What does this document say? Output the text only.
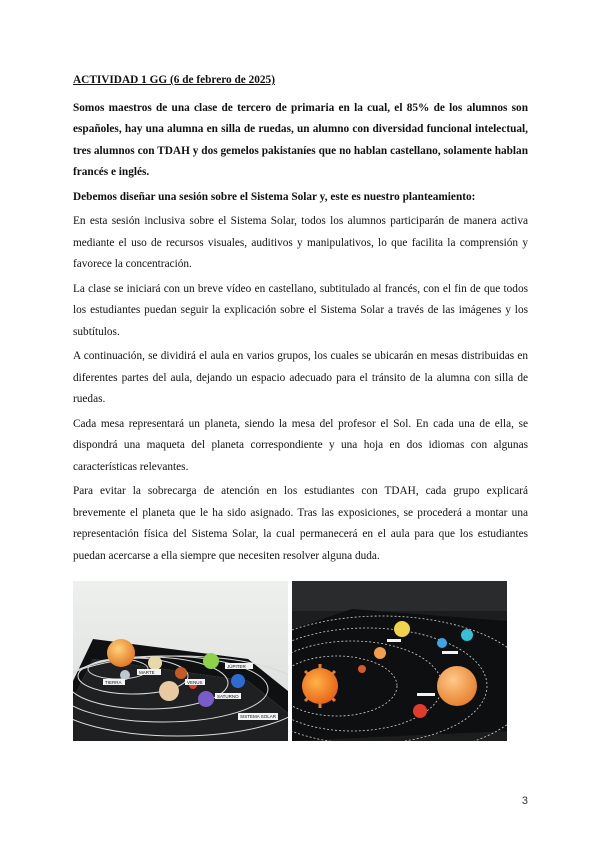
ACTIVIDAD 1 GG (6 de febrero de 2025)

Somos maestros de una clase de tercero de primaria en la cual, el 85% de los alumnos son españoles, hay una alumna en silla de ruedas, un alumno con diversidad funcional intelectual, tres alumnos con TDAH y dos gemelos pakistaníes que no hablan castellano, solamente hablan francés e inglés.

Debemos diseñar una sesión sobre el Sistema Solar y, este es nuestro planteamiento:

En esta sesión inclusiva sobre el Sistema Solar, todos los alumnos participarán de manera activa mediante el uso de recursos visuales, auditivos y manipulativos, lo que facilita la comprensión y favorece la concentración.

La clase se iniciará con un breve vídeo en castellano, subtitulado al francés, con el fin de que todos los estudiantes puedan seguir la explicación sobre el Sistema Solar a través de las imágenes y los subtítulos.

A continuación, se dividirá el aula en varios grupos, los cuales se ubicarán en mesas distribuidas en diferentes partes del aula, dejando un espacio adecuado para el tránsito de la alumna con silla de ruedas.

Cada mesa representará un planeta, siendo la mesa del profesor el Sol. En cada una de ella, se dispondrá una maqueta del planeta correspondiente y una hoja en dos idiomas con algunas características relevantes.

Para evitar la sobrecarga de atención en los estudiantes con TDAH, cada grupo explicará brevemente el planeta que le ha sido asignado. Tras las exposiciones, se procederá a montar una representación física del Sistema Solar, la cual permanecerá en el aula para que los estudiantes puedan acercarse a ella siempre que necesiten resolver alguna duda.

TIERRA
MARTE
VENUS
JÚPITER
SATURNO
SISTEMA SOLAR
3
